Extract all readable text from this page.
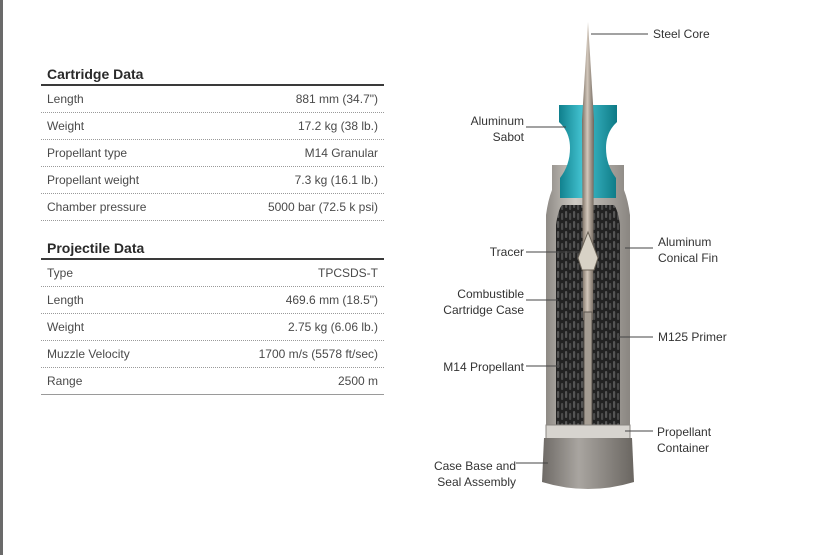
Cartridge Data
Length	881 mm (34.7")
Weight	17.2 kg (38 lb.)
Propellant type	M14 Granular
Propellant weight	7.3 kg (16.1 lb.)
Chamber pressure	5000 bar (72.5 k psi)
Projectile Data
Type	TPCSDS-T
Length	469.6 mm (18.5")
Weight	2.75 kg (6.06 lb.)
Muzzle Velocity	1700 m/s (5578 ft/sec)
Range	2500 m
Steel Core
Aluminum
Sabot
Tracer
Aluminum
Conical Fin
Combustible
Cartridge Case
M125 Primer
M14 Propellant
Propellant
Container
Case Base and
Seal Assembly
